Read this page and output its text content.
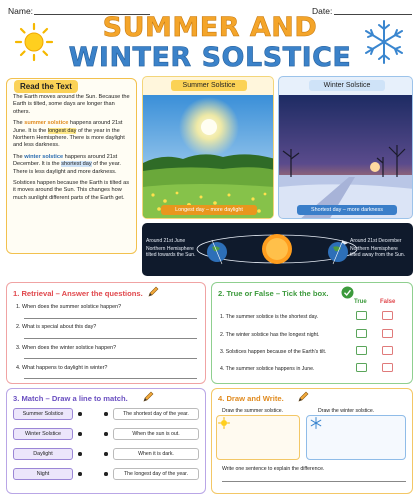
Name:	Date:
SUMMER AND
WINTER SOLSTICE
Read the Text

The Earth moves around the Sun. Because the Earth is tilted, some days are longer than others.

The summer solstice happens around 21st June. It is the longest day of the year in the Northern Hemisphere. There is more daylight and less darkness.

The winter solstice happens around 21st December. It is the shortest day of the year. There is less daylight and more darkness.

Solstices happen because the Earth is tilted as it moves around the Sun. This changes how much sunlight different parts of the Earth get.

Summer Solstice
Longest day – more daylight
Winter Solstice
Shortest day – more darkness
Around 21st June
Northern Hemisphere tilted towards the Sun.
Around 21st December
Northern Hemisphere tilted away from the Sun.
1. Retrieval – Answer the questions.
1. When does the summer solstice happen?
2. What is special about this day?
3. When does the winter solstice happen?
4. What happens to daylight in winter?
2. True or False – Tick the box.
True False
1. The summer solstice is the shortest day.
2. The winter solstice has the longest night.
3. Solstices happen because of the Earth's tilt.
4. The summer solstice happens in June.
3. Match – Draw a line to match.
Summer Solstice	The shortest day of the year.
Winter Solstice	When the sun is out.
Daylight	When it is dark.
Night	The longest day of the year.
4. Draw and Write.
Draw the summer solstice.	Draw the winter solstice.
Write one sentence to explain the difference.
